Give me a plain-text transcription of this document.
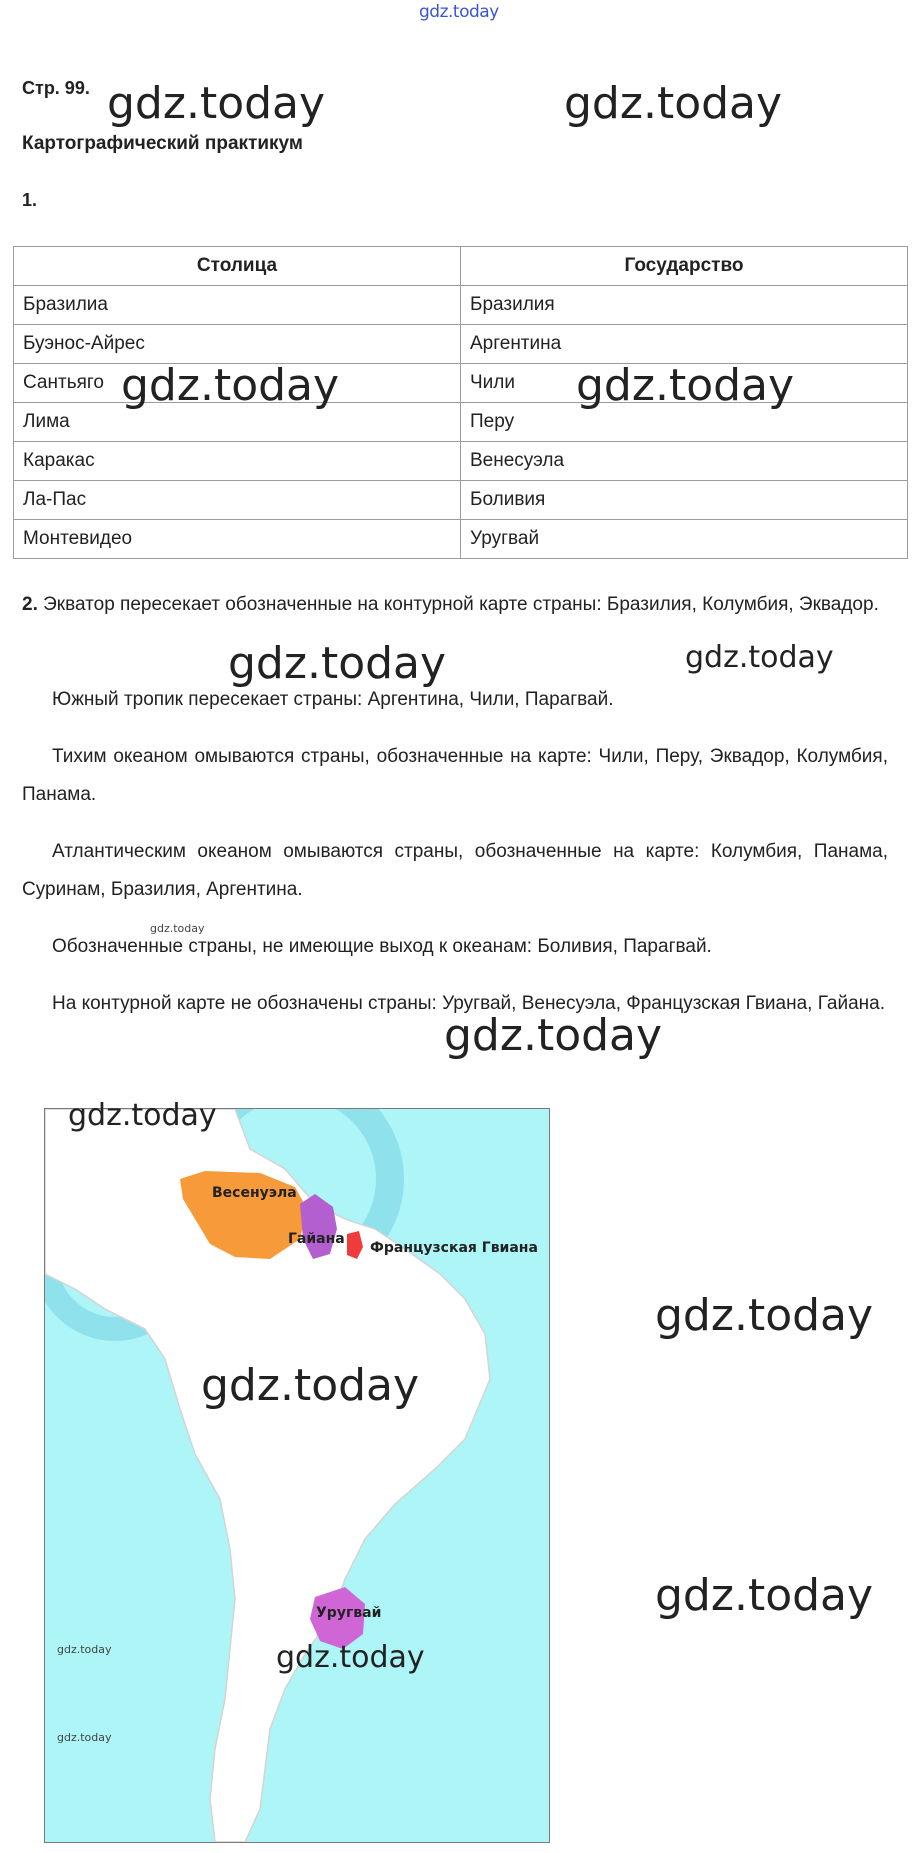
gdz.today
Стр. 99.
Картографический практикум
1.
Столица	Государство
Бразилиа	Бразилия
Буэнос-Айрес	Аргентина
Сантьяго	Чили
Лима	Перу
Каракас	Венесуэла
Ла-Пас	Боливия
Монтевидео	Уругвай
2. Экватор пересекает обозначенные на контурной карте страны: Бразилия, Колумбия, Эквадор.
Южный тропик пересекает страны: Аргентина, Чили, Парагвай.
Тихим океаном омываются страны, обозначенные на карте: Чили, Перу, Эквадор, Колумбия, Панама.
Атлантическим океаном омываются страны, обозначенные на карте: Колумбия, Панама, Суринам, Бразилия, Аргентина.
Обозначенные страны, не имеющие выход к океанам: Боливия, Парагвай.
На контурной карте не обозначены страны: Уругвай, Венесуэла, Французская Гвиана, Гайана.
Весенуэла
Гайана
Французская Гвиана
Уругвай
gdz.today	gdz.today
gdz.today	gdz.today
gdz.today	gdz.today
gdz.today
gdz.today
gdz.today
gdz.today
gdz.today
gdz.today
gdz.today
gdz.today
gdz.today
